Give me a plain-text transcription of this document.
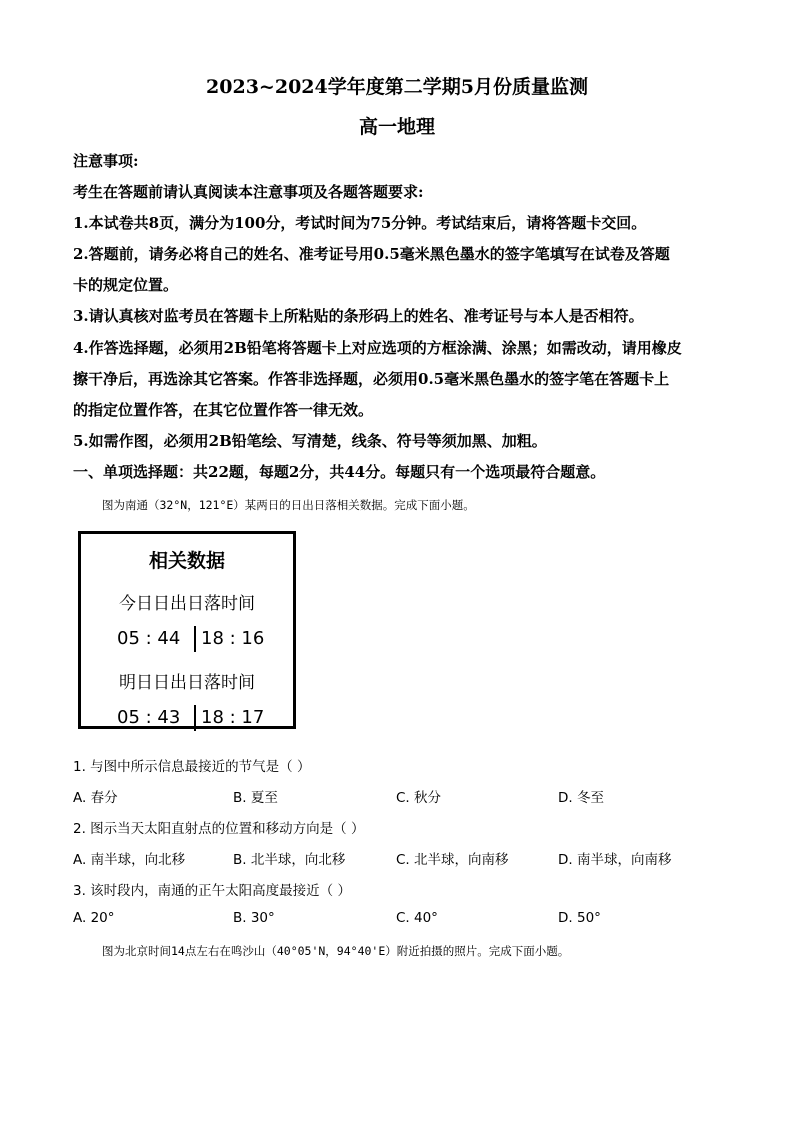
2023~2024学年度第二学期5月份质量监测
高一地理
注意事项:
考生在答题前请认真阅读本注意事项及各题答题要求:
1.本试卷共8页，满分为100分，考试时间为75分钟。考试结束后，请将答题卡交回。
2.答题前，请务必将自己的姓名、准考证号用0.5毫米黑色墨水的签字笔填写在试卷及答题
卡的规定位置。
3.请认真核对监考员在答题卡上所粘贴的条形码上的姓名、准考证号与本人是否相符。
4.作答选择题，必须用2B铅笔将答题卡上对应选项的方框涂满、涂黑；如需改动，请用橡皮
擦干净后，再选涂其它答案。作答非选择题，必须用0.5毫米黑色墨水的签字笔在答题卡上
的指定位置作答，在其它位置作答一律无效。
5.如需作图，必须用2B铅笔绘、写清楚，线条、符号等须加黑、加粗。
一、单项选择题：共22题，每题2分，共44分。每题只有一个选项最符合题意。
图为南通（32°N，121°E）某两日的日出日落相关数据。完成下面小题。
相关数据
今日日出日落时间
05 : 44 18 : 16
明日日出日落时间
05 : 43 18 : 17
1. 与图中所示信息最接近的节气是（ ）
A. 春分	B. 夏至	C. 秋分	D. 冬至
2. 图示当天太阳直射点的位置和移动方向是（ ）
A. 南半球，向北移	B. 北半球，向北移	C. 北半球，向南移	D. 南半球，向南移
3. 该时段内，南通的正午太阳高度最接近（ ）
A. 20°	B. 30°	C. 40°	D. 50°
图为北京时间14点左右在鸣沙山（40°05'N，94°40'E）附近拍摄的照片。完成下面小题。
